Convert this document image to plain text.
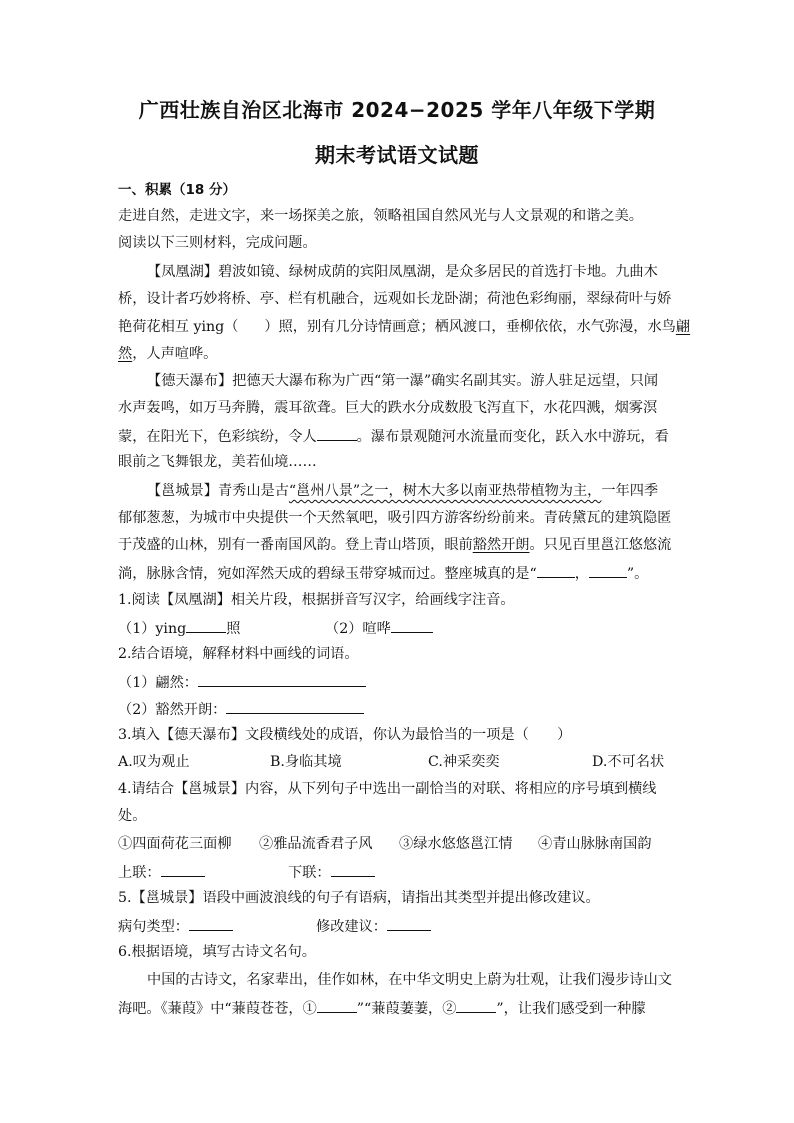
广西壮族自治区北海市 2024−2025 学年八年级下学期
期末考试语文试题
一、积累（18 分）
走进自然，走进文字，来一场探美之旅，领略祖国自然风光与人文景观的和谐之美。
阅读以下三则材料，完成问题。
【凤凰湖】碧波如镜、绿树成荫的宾阳凤凰湖，是众多居民的首选打卡地。九曲木
桥，设计者巧妙将桥、亭、栏有机融合，远观如长龙卧湖；荷池色彩绚丽，翠绿荷叶与娇
艳荷花相互 ying（ ）照，别有几分诗情画意；栖风渡口，垂柳依依，水气弥漫，水鸟翩
然，人声喧哗。
【德天瀑布】把德天大瀑布称为广西“第一瀑”确实名副其实。游人驻足远望，只闻
水声轰鸣，如万马奔腾，震耳欲聋。巨大的跌水分成数股飞泻直下，水花四溅，烟雾溟
蒙，在阳光下，色彩缤纷，令人	。瀑布景观随河水流量而变化，跃入水中游玩，看
眼前之飞舞银龙，美若仙境……
【邕城景】青秀山是古“邕州八景”之一，树木大多以南亚热带植物为主，一年四季
郁郁葱葱，为城市中央提供一个天然氧吧，吸引四方游客纷纷前来。青砖黛瓦的建筑隐匿
于茂盛的山林，别有一番南国风韵。登上青山塔顶，眼前豁然开朗。只见百里邕江悠悠流
淌，脉脉含情，宛如浑然天成的碧绿玉带穿城而过。整座城真的是“	，	”。
1.阅读【凤凰湖】相关片段，根据拼音写汉字，给画线字注音。
（1）ying	照	（2）喧哗
2.结合语境，解释材料中画线的词语。
（1）翩然：
（2）豁然开朗：
3.填入【德天瀑布】文段横线处的成语，你认为最恰当的一项是（　　）
A.叹为观止	B.身临其境	C.神采奕奕	D.不可名状
4.请结合【邕城景】内容，从下列句子中选出一副恰当的对联、将相应的序号填到横线
处。
①四面荷花三面柳 ②雅品流香君子风 ③绿水悠悠邕江情 ④青山脉脉南国韵
上联：	下联：
5.【邕城景】语段中画波浪线的句子有语病，请指出其类型并提出修改建议。
病句类型：	修改建议：
6.根据语境，填写古诗文名句。
中国的古诗文，名家辈出，佳作如林，在中华文明史上蔚为壮观，让我们漫步诗山文
海吧。《蒹葭》中“蒹葭苍苍，①	”“蒹葭萋萋，②	”，让我们感受到一种朦
